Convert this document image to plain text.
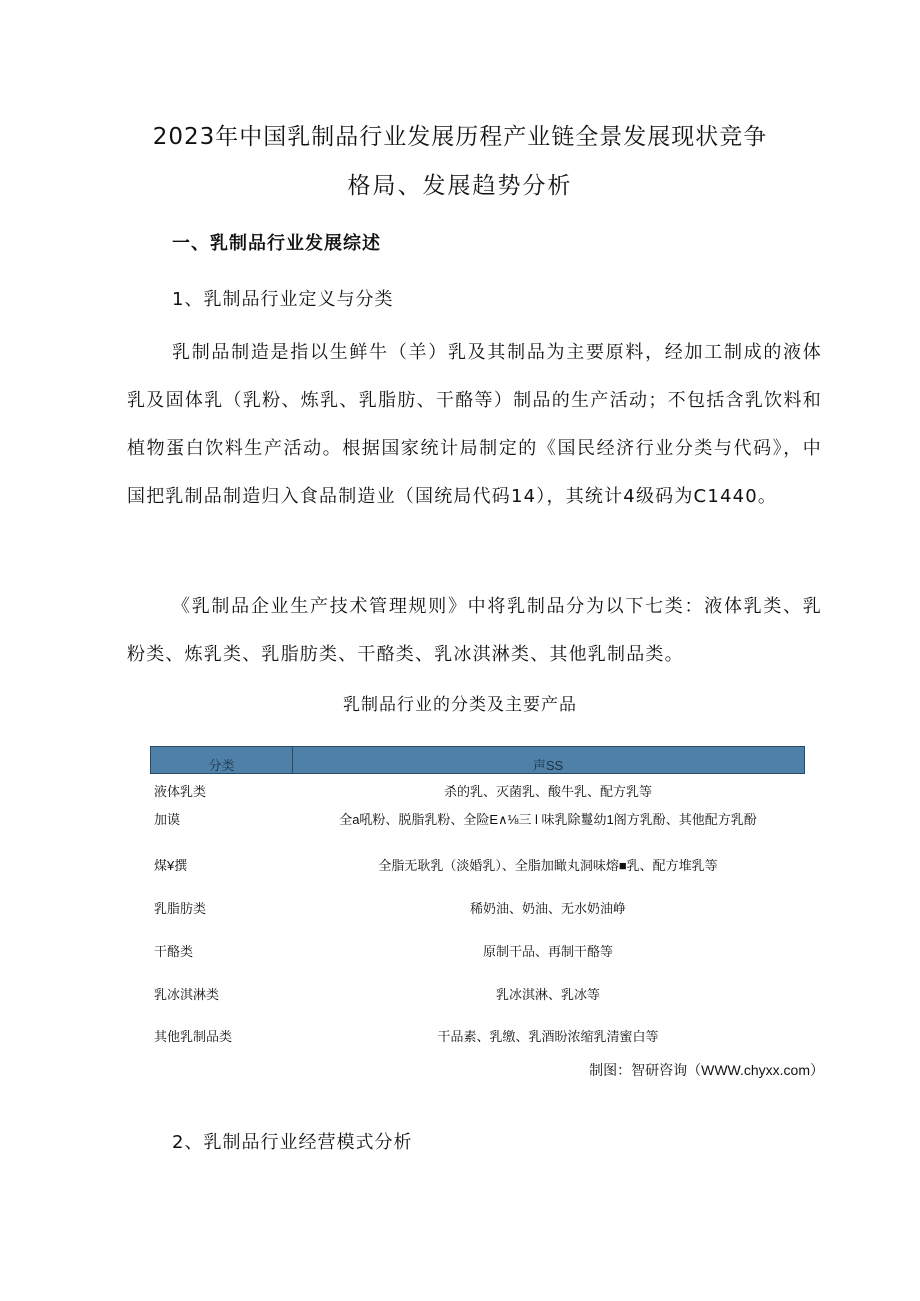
2023年中国乳制品行业发展历程产业链全景发展现状竞争
格局、发展趋势分析
一、乳制品行业发展综述
1、乳制品行业定义与分类
乳制品制造是指以生鲜牛（羊）乳及其制品为主要原料，经加工制成的液体乳及固体乳（乳粉、炼乳、乳脂肪、干酪等）制品的生产活动；不包括含乳饮料和植物蛋白饮料生产活动。根据国家统计局制定的《国民经济行业分类与代码》，中国把乳制品制造归入食品制造业（国统局代码14），其统计4级码为C1440。
《乳制品企业生产技术管理规则》中将乳制品分为以下七类：液体乳类、乳粉类、炼乳类、乳脂肪类、干酪类、乳冰淇淋类、其他乳制品类。
乳制品行业的分类及主要产品
分类	声SS
液体乳类	杀的乳、灭菌乳、酸牛乳、配方乳等
加谟	全a吼粉、脱脂乳粉、全险E∧⅛三 l 味乳除鬘幼1阁方乳酚、其他配方乳酚
煤¥撰	全脂无耿乳（淡婚乳）、全脂加瞰丸洞味熔■乳、配方堆乳等
乳脂肪类	稀奶油、奶油、无水奶油峥
干酪类	原制干品、再制干酪等
乳冰淇淋类	乳冰淇淋、乳冰等
其他乳制品类	干品素、乳缴、乳酒盼浓缩乳清蜜白等
制图：智研咨询（WWW.chyxx.com）
2、乳制品行业经营模式分析
